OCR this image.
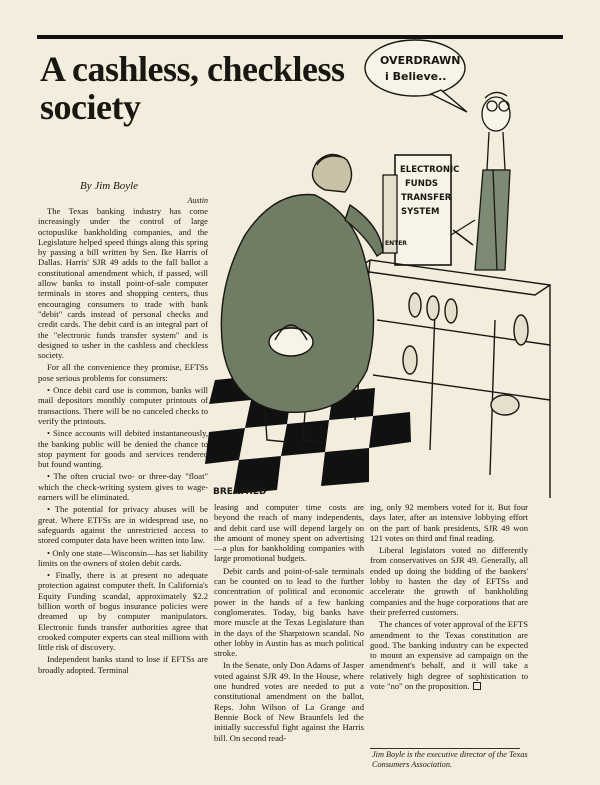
A cashless, checkless society

By Jim Boyle

Austin

OVERDRAWN
i Believe..
ELECTRONIC
FUNDS
TRANSFER
SYSTEM
ENTER
BREATHED

The Texas banking industry has come increasingly under the control of large octopuslike bankholding companies, and the Legislature helped speed things along this spring by passing a bill written by Sen. Ike Harris of Dallas. Harris' SJR 49 adds to the fall ballot a constitutional amendment which, if passed, will allow banks to install point-of-sale computer terminals in stores and shopping centers, thus encouraging consumers to trade with bank "debit" cards instead of personal checks and credit cards. The debit card is an integral part of the "electronic funds transfer system" and is designed to usher in the cashless and checkless society.

For all the convenience they promise, EFTSs pose serious problems for consumers:

• Once debit card use is common, banks will mail depositors monthly computer printouts of transactions. There will be no canceled checks to verify the printouts.

• Since accounts will debited instantaneously, the banking public will be denied the chance to stop payment for goods and services rendered but found wanting.

• The often crucial two- or three-day "float" which the check-writing system gives to wage-earners will be eliminated.

• The potential for privacy abuses will be great. Where ETFSs are in widespread use, no safeguards against the unrestricted access to stored computer data have been written into law.

• Only one state—Wisconsin—has set liability limits on the owners of stolen debit cards.

• Finally, there is at present no adequate protection against computer theft. In California's Equity Funding scandal, approximately $2.2 billion worth of bogus insurance policies were dreamed up by computer manipulators. Electronic funds transfer authorities agree that crooked computer experts can steal millions with little risk of discovery.

Independent banks stand to lose if EFTSs are broadly adopted. Terminal

leasing and computer time costs are beyond the reach of many independents, and debit card use will depend largely on the amount of money spent on advertising—a plus for bankholding companies with large promotional budgets.

Debit cards and point-of-sale terminals can be counted on to lead to the further concentration of political and economic power in the hands of a few banking conglomerates. Today, big banks have more muscle at the Texas Legislature than in the days of the Sharpstown scandal. No other lobby in Austin has as much political stroke.

In the Senate, only Don Adams of Jasper voted against SJR 49. In the House, where one hundred votes are needed to put a constitutional amendment on the ballot, Reps. John Wilson of La Grange and Bennie Bock of New Braunfels led the initially successful fight against the Harris bill. On second read-

ing, only 92 members voted for it. But four days later, after an intensive lobbying effort on the part of bank presidents, SJR 49 won 121 votes on third and final reading.

Liberal legislators voted no differently from conservatives on SJR 49. Generally, all ended up doing the bidding of the bankers' lobby to hasten the day of EFTSs and accelerate the growth of bankholding companies and the huge corporations that are their preferred customers.

The chances of voter approval of the EFTS amendment to the Texas constitution are good. The banking industry can be expected to mount an expensive ad campaign on the amendment's behalf, and it will take a relatively high degree of sophistication to vote "no" on the proposition.

Jim Boyle is the executive director of the Texas Consumers Association.
